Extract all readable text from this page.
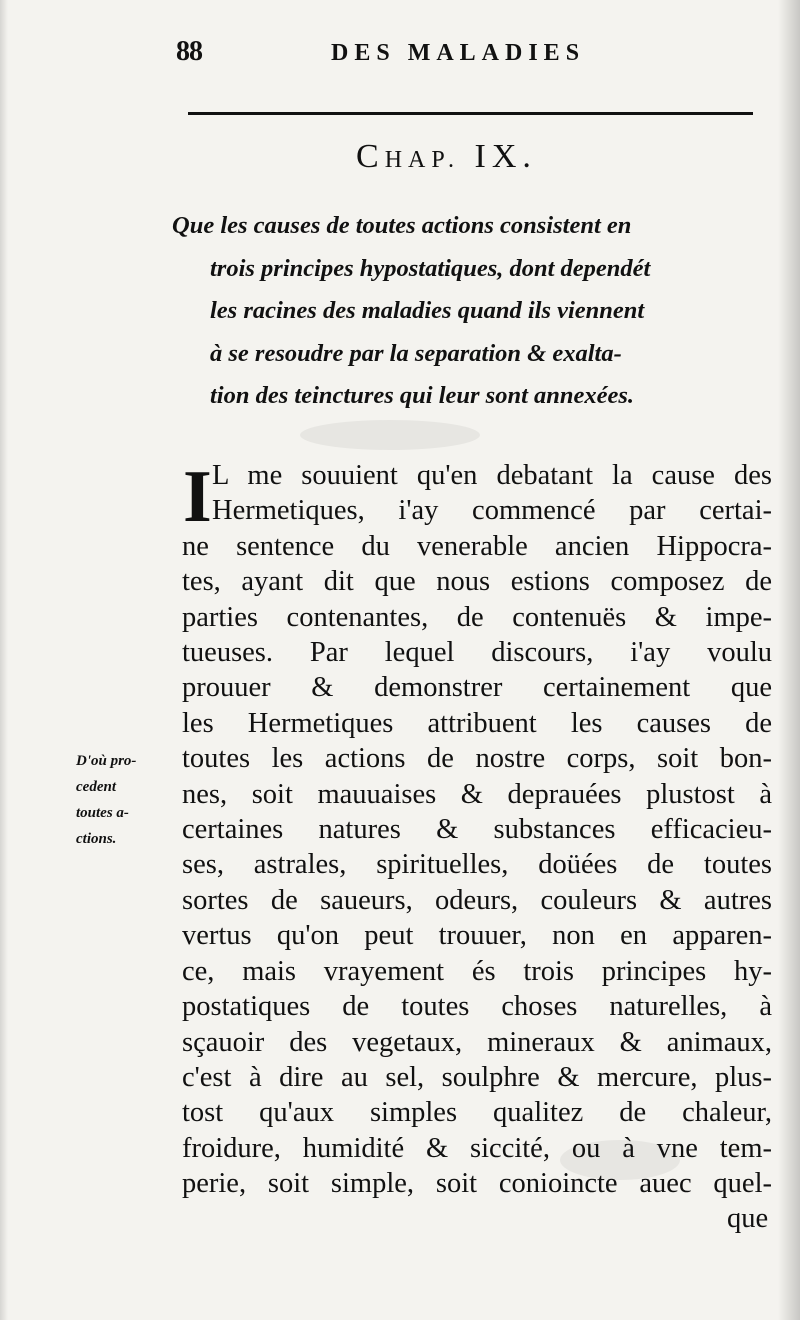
88	DES MALADIES
CHAP. IX.
Que les causes de toutes actions consistent en
trois principes hypostatiques, dont dependét
les racines des maladies quand ils viennent
à se resoudre par la separation & exalta-
tion des teinctures qui leur sont annexées.
I L me souuient qu'en debatant la cause des
Hermetiques, i'ay commencé par certai-
ne sentence du venerable ancien Hippocra-
tes, ayant dit que nous estions composez de
parties contenantes, de contenuës & impe-
tueuses. Par lequel discours, i'ay voulu
prouuer & demonstrer certainement que
les Hermetiques attribuent les causes de
toutes les actions de nostre corps, soit bon-
nes, soit mauuaises & deprauées plustost à
certaines natures & substances efficacieu-
ses, astrales, spirituelles, doüées de toutes
sortes de saueurs, odeurs, couleurs & autres
vertus qu'on peut trouuer, non en apparen-
ce, mais vrayement és trois principes hy-
postatiques de toutes choses naturelles, à
sçauoir des vegetaux, mineraux & animaux,
c'est à dire au sel, soulphre & mercure, plus-
tost qu'aux simples qualitez de chaleur,
froidure, humidité & siccité, ou à vne tem-
perie, soit simple, soit conioincte auec quel-
que
D'où pro-
cedent
toutes a-
ctions.
